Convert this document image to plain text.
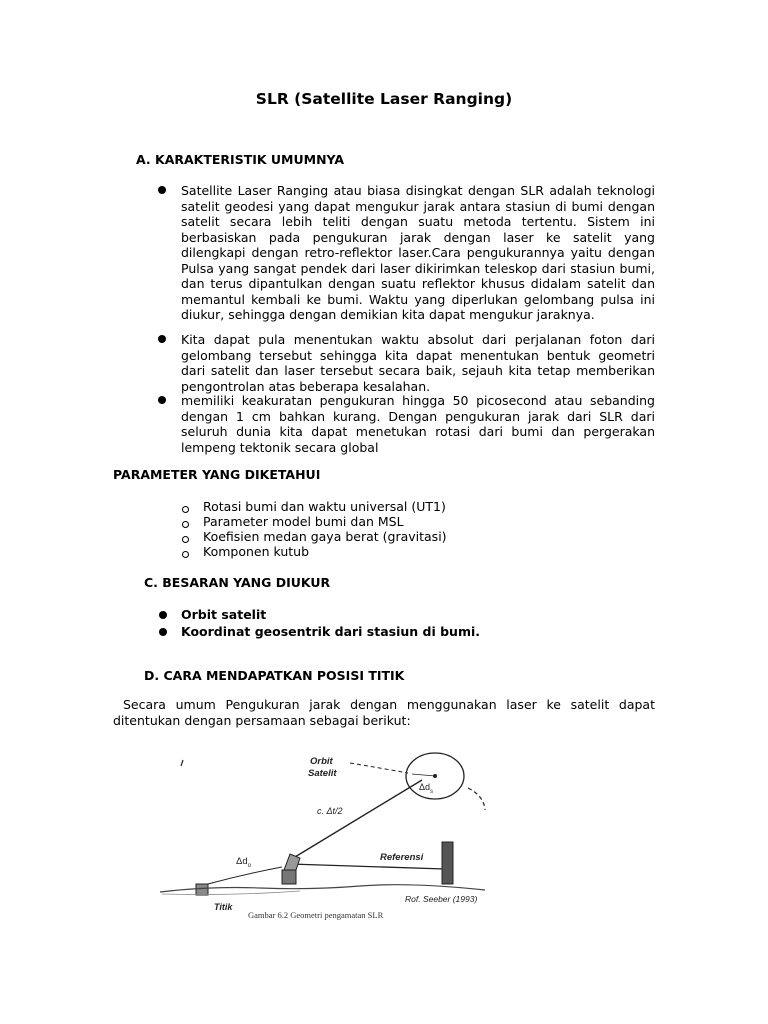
SLR (Satellite Laser Ranging)
A. KARAKTERISTIK UMUMNYA
Satellite Laser Ranging atau biasa disingkat dengan SLR adalah teknologi satelit geodesi yang dapat mengukur jarak antara stasiun di bumi dengan satelit secara lebih teliti dengan suatu metoda tertentu. Sistem ini berbasiskan pada pengukuran jarak dengan laser ke satelit yang dilengkapi dengan retro-reflektor laser.Cara pengukurannya yaitu dengan Pulsa yang sangat pendek dari laser dikirimkan teleskop dari stasiun bumi, dan terus dipantulkan dengan suatu reflektor khusus didalam satelit dan memantul kembali ke bumi. Waktu yang diperlukan gelombang pulsa ini diukur, sehingga dengan demikian kita dapat mengukur jaraknya.
Kita dapat pula menentukan waktu absolut dari perjalanan foton dari gelombang tersebut sehingga kita dapat menentukan bentuk geometri dari satelit dan laser tersebut secara baik, sejauh kita tetap memberikan pengontrolan atas beberapa kesalahan.
memiliki keakuratan pengukuran hingga 50 picosecond atau sebanding dengan 1 cm bahkan kurang. Dengan pengukuran jarak dari SLR dari seluruh dunia kita dapat menetukan rotasi dari bumi dan pergerakan lempeng tektonik secara global
PARAMETER YANG DIKETAHUI
Rotasi bumi dan waktu universal (UT1)
Parameter model bumi dan MSL
Koefisien medan gaya berat (gravitasi)
Komponen kutub
C. BESARAN YANG DIUKUR
Orbit satelit
Koordinat geosentrik dari stasiun di bumi.
D. CARA MENDAPATKAN POSISI TITIK
Secara umum Pengukuran jarak dengan menggunakan laser ke satelit dapat ditentukan dengan persamaan sebagai berikut:
Orbit
Satelit
$\Delta d_s$
c. Δt/2
$\Delta d_o$
Referensi
Titik
Rof. Seeber (1993)
Gambar 6.2 Geometri pengamatan SLR
